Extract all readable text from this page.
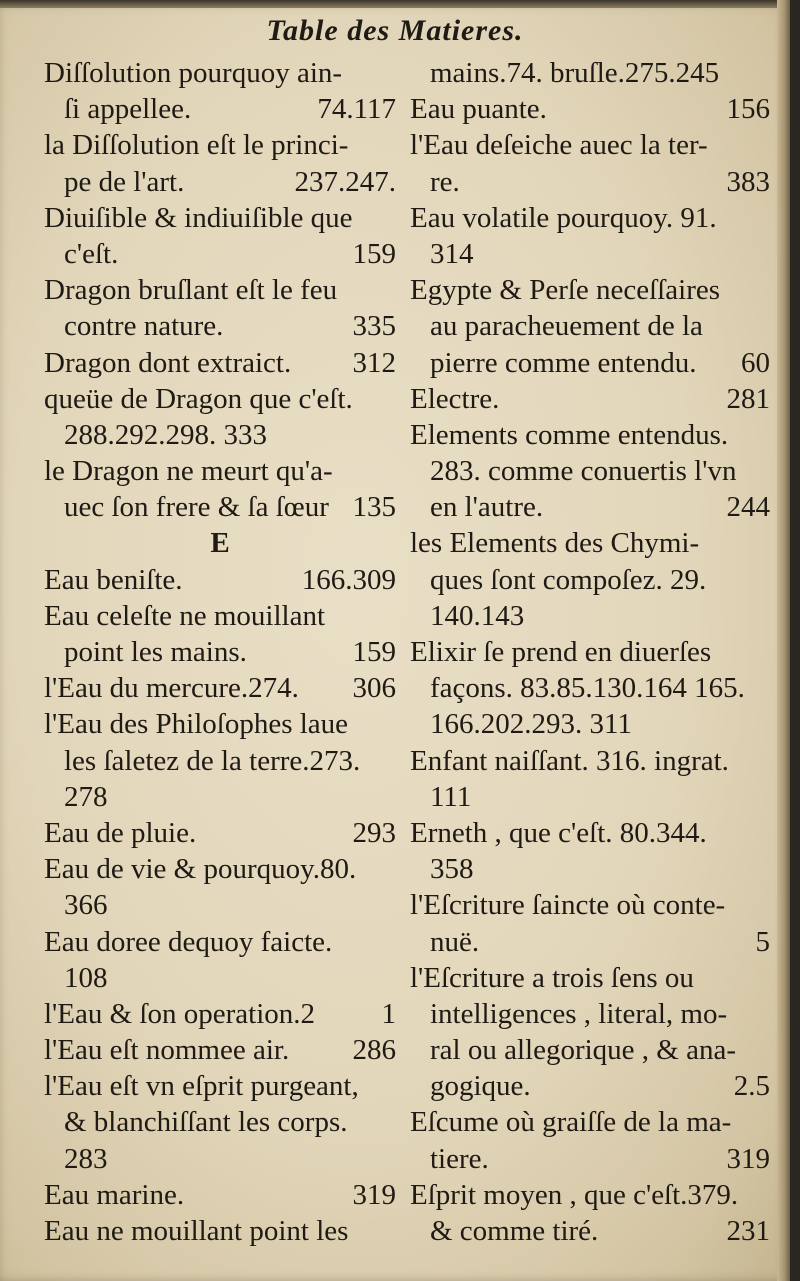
Table des Matieres.
Diſſolution pourquoy ain-
ſi appellee.	74.117
la Diſſolution eſt le princi-
pe de l'art.	237.247.
Diuiſible & indiuiſible que
c'eſt.	159
Dragon bruſlant eſt le feu
contre nature.	335
Dragon dont extraict. 312
queüe de Dragon que c'eſt.
288.292.298. 333
le Dragon ne meurt qu'a-
uec ſon frere & ſa ſœur 135
E
Eau beniſte.	166.309
Eau celeſte ne mouillant
point les mains.	159
l'Eau du mercure.274. 306
l'Eau des Philoſophes laue
les ſaletez de la terre.273.
278
Eau de pluie.	293
Eau de vie & pourquoy.80.
366
Eau doree dequoy faicte.
108
l'Eau & ſon operation.2 1
l'Eau eſt nommee air. 286
l'Eau eſt vn eſprit purgeant,
& blanchiſſant les corps.
283
Eau marine.	319
Eau ne mouillant point les
mains.74. bruſle.275.245
Eau puante.	156
l'Eau deſeiche auec la ter-
re.	383
Eau volatile pourquoy. 91.
314
Egypte & Perſe neceſſaires
au paracheuement de la
pierre comme entendu. 60
Electre.	281
Elements comme entendus.
283. comme conuertis l'vn
en l'autre.	244
les Elements des Chymi-
ques ſont compoſez. 29.
140.143
Elixir ſe prend en diuerſes
façons. 83.85.130.164 165.
166.202.293. 311
Enfant naiſſant. 316. ingrat.
111
Erneth , que c'eſt. 80.344.
358
l'Eſcriture ſaincte où conte-
nuë.	5
l'Eſcriture a trois ſens ou
intelligences , literal, mo-
ral ou allegorique , & ana-
gogique.	2.5
Eſcume où graiſſe de la ma-
tiere.	319
Eſprit moyen , que c'eſt.379.
& comme tiré.	231
